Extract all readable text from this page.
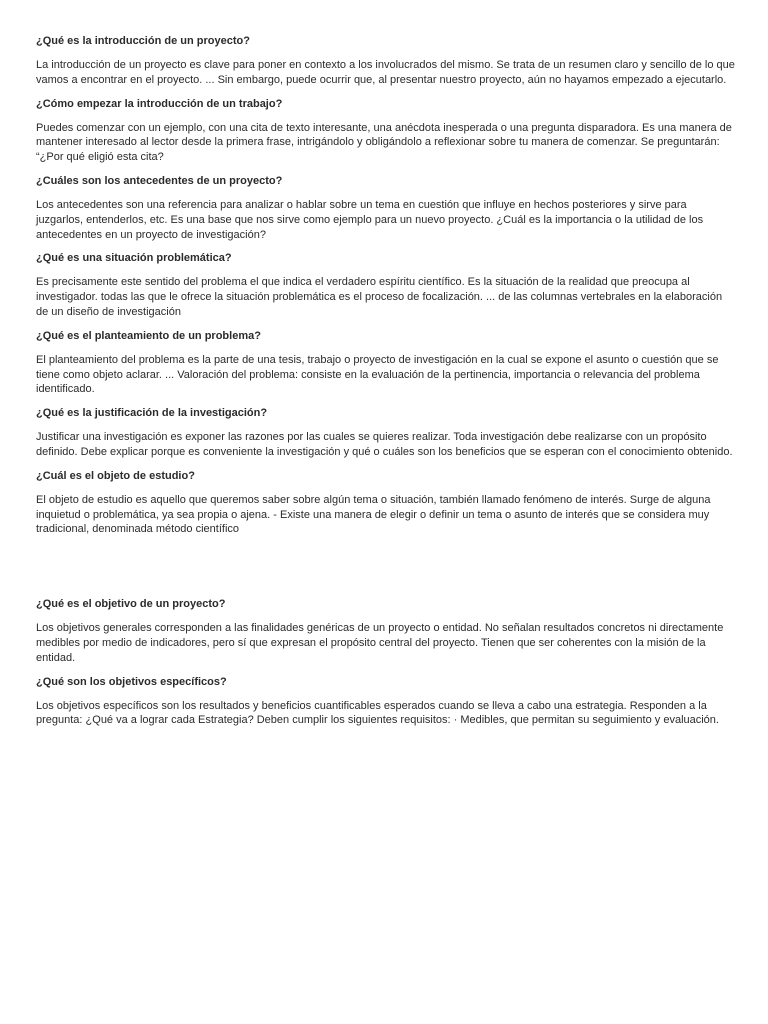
¿Qué es la introducción de un proyecto?

La introducción de un proyecto es clave para poner en contexto a los involucrados del mismo. Se trata de un resumen claro y sencillo de lo que vamos a encontrar en el proyecto. ... Sin embargo, puede ocurrir que, al presentar nuestro proyecto, aún no hayamos empezado a ejecutarlo.

¿Cómo empezar la introducción de un trabajo?

Puedes comenzar con un ejemplo, con una cita de texto interesante, una anécdota inesperada o una pregunta disparadora. Es una manera de mantener interesado al lector desde la primera frase, intrigándolo y obligándolo a reflexionar sobre tu manera de comenzar. Se preguntarán: “¿Por qué eligió esta cita?

¿Cuáles son los antecedentes de un proyecto?

Los antecedentes son una referencia para analizar o hablar sobre un tema en cuestión que influye en hechos posteriores y sirve para juzgarlos, entenderlos, etc. Es una base que nos sirve como ejemplo para un nuevo proyecto. ¿Cuál es la importancia o la utilidad de los antecedentes en un proyecto de investigación?

¿Qué es una situación problemática?

Es precisamente este sentido del problema el que indica el verdadero espíritu científico. Es la situación de la realidad que preocupa al investigador. todas las que le ofrece la situación problemática es el proceso de focalización. ... de las columnas vertebrales en la elaboración de un diseño de investigación

¿Qué es el planteamiento de un problema?

El planteamiento del problema es la parte de una tesis, trabajo o proyecto de investigación en la cual se expone el asunto o cuestión que se tiene como objeto aclarar. ... Valoración del problema: consiste en la evaluación de la pertinencia, importancia o relevancia del problema identificado.

¿Qué es la justificación de la investigación?

Justificar una investigación es exponer las razones por las cuales se quieres realizar. Toda investigación debe realizarse con un propósito definido. Debe explicar porque es conveniente la investigación y qué o cuáles son los beneficios que se esperan con el conocimiento obtenido.

¿Cuál es el objeto de estudio?

El objeto de estudio es aquello que queremos saber sobre algún tema o situación, también llamado fenómeno de interés. Surge de alguna inquietud o problemática, ya sea propia o ajena. - Existe una manera de elegir o definir un tema o asunto de interés que se considera muy tradicional, denominada método científico

¿Qué es el objetivo de un proyecto?

Los objetivos generales corresponden a las finalidades genéricas de un proyecto o entidad. No señalan resultados concretos ni directamente medibles por medio de indicadores, pero sí que expresan el propósito central del proyecto. Tienen que ser coherentes con la misión de la entidad.

¿Qué son los objetivos específicos?

Los objetivos específicos son los resultados y beneficios cuantificables esperados cuando se lleva a cabo una estrategia. Responden a la pregunta: ¿Qué va a lograr cada Estrategia? Deben cumplir los siguientes requisitos: · Medibles, que permitan su seguimiento y evaluación.
